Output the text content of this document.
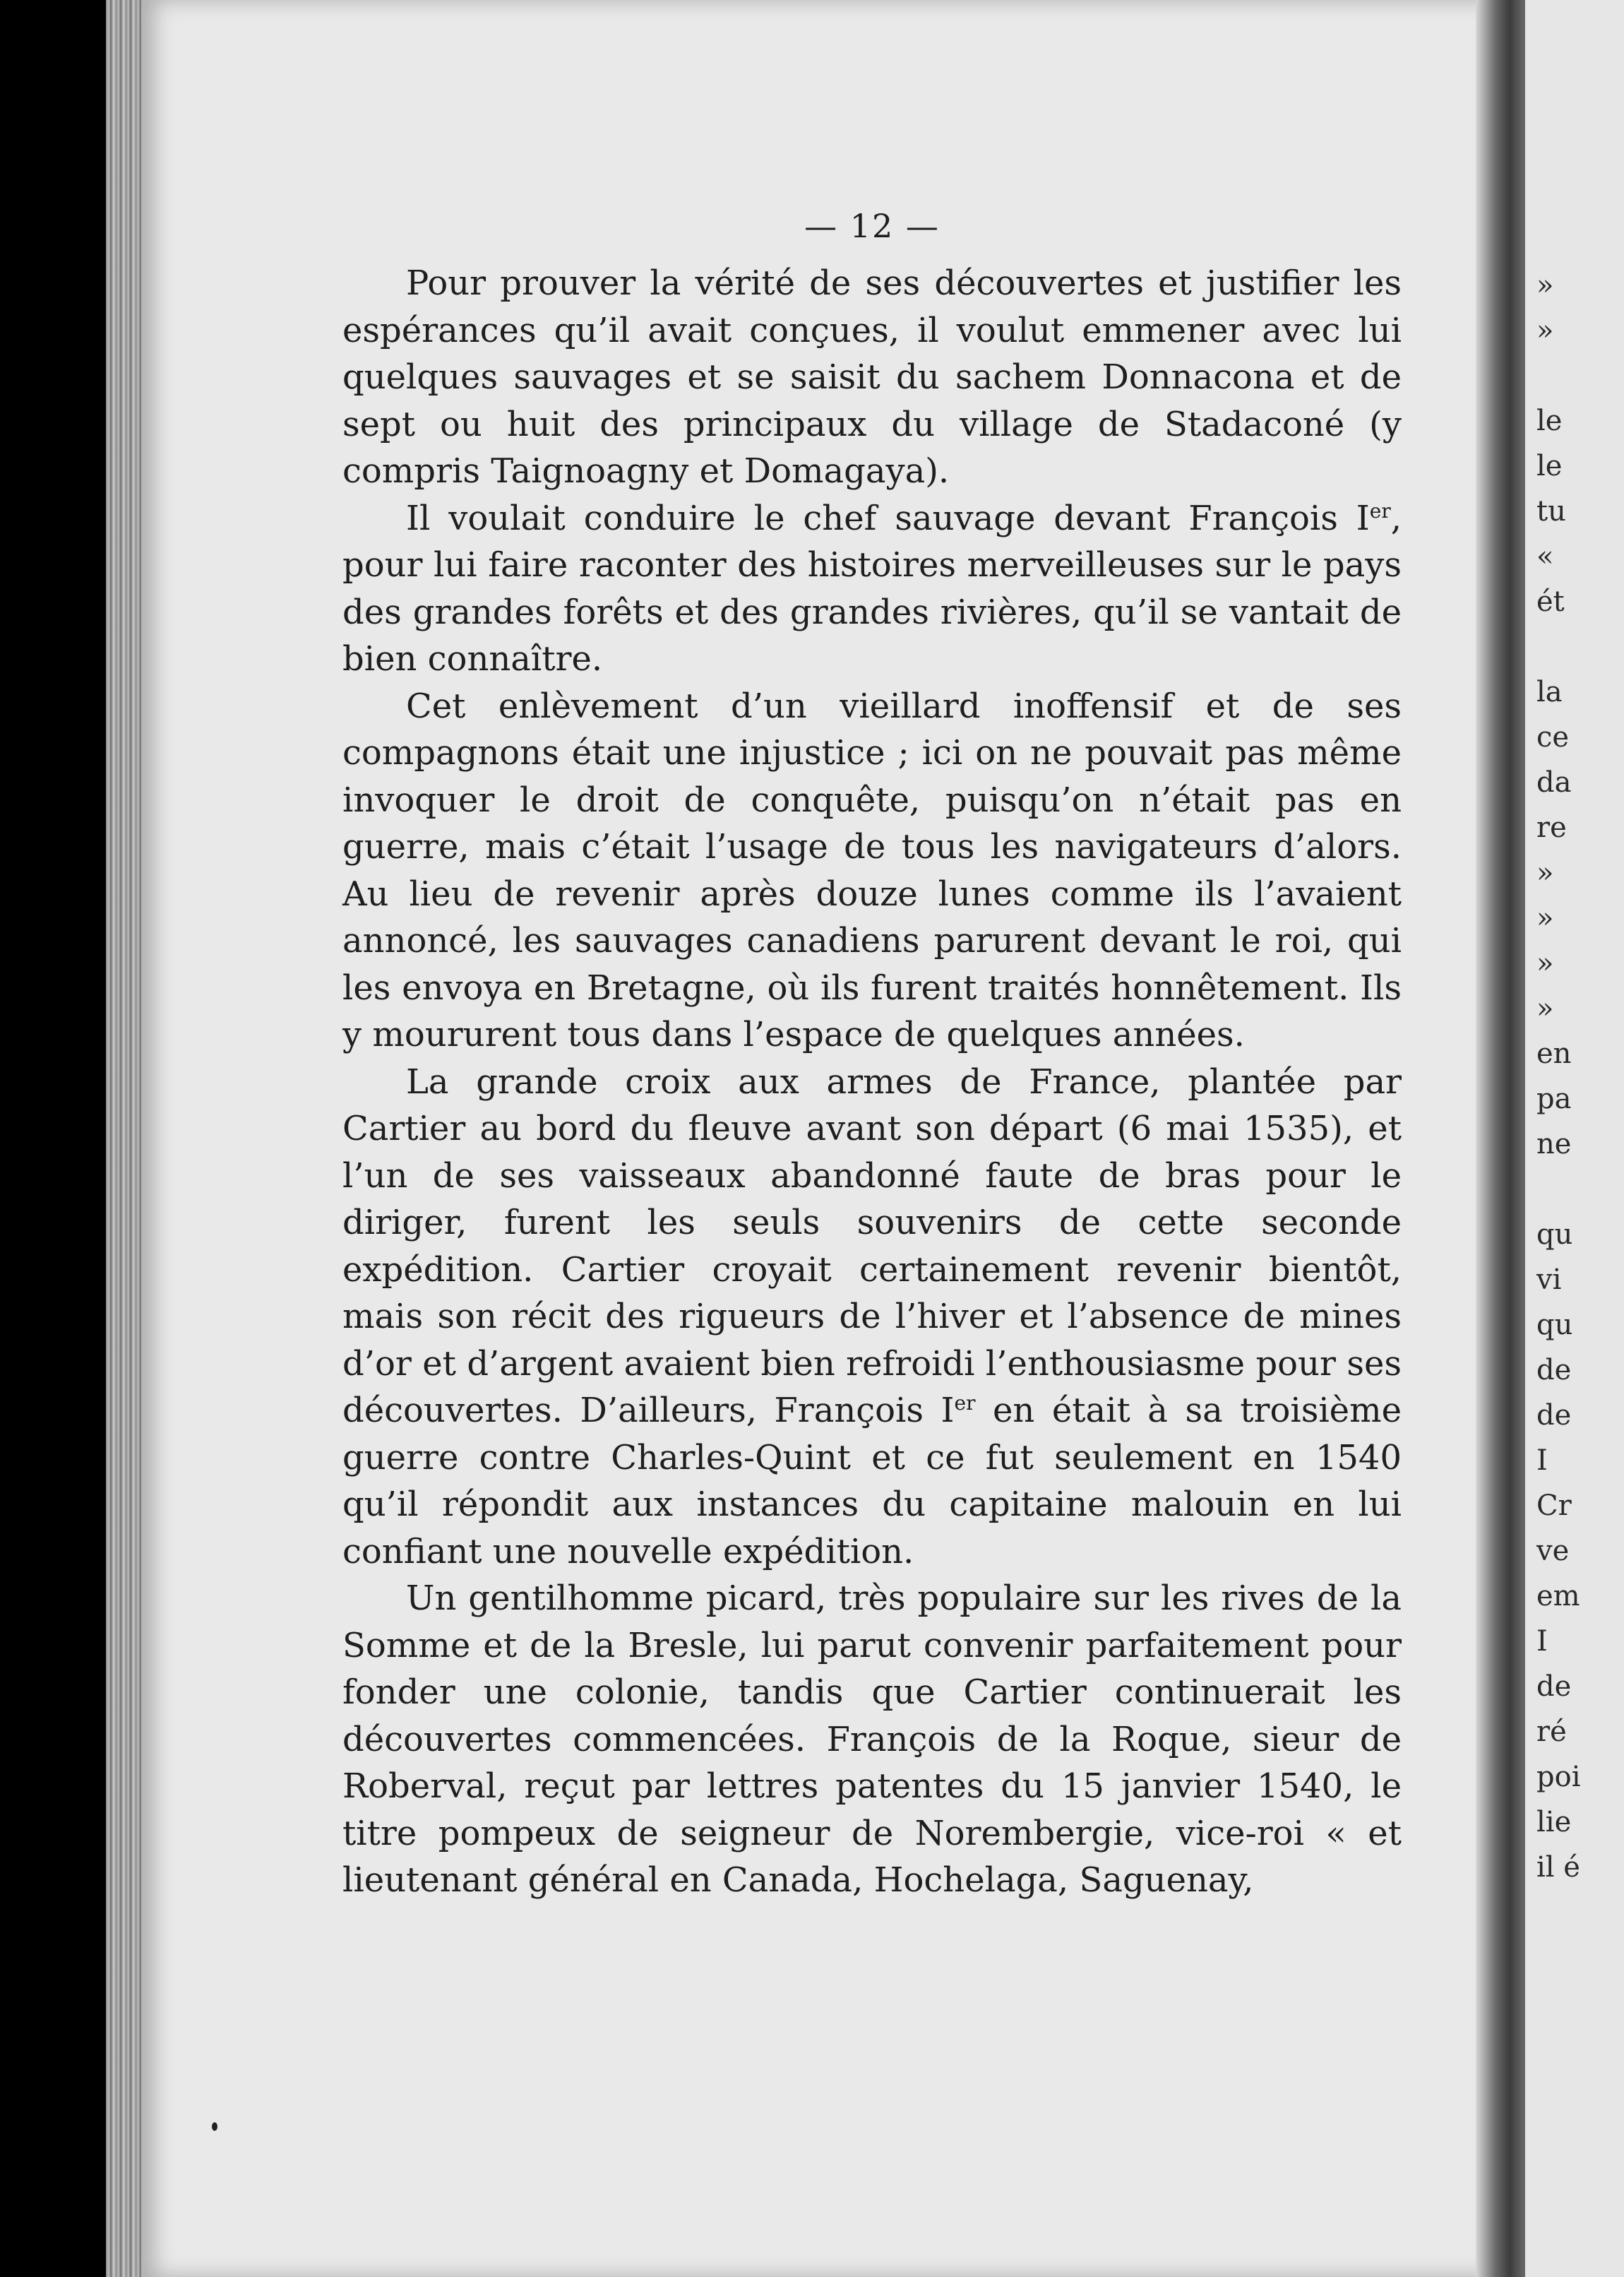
— 12 —

Pour prouver la vérité de ses découvertes et justifier les espérances qu’il avait conçues, il voulut emmener avec lui quelques sauvages et se saisit du sachem Donnacona et de sept ou huit des principaux du village de Stadaconé (y compris Taignoagny et Domagaya).

Il voulait conduire le chef sauvage devant François Ier, pour lui faire raconter des histoires merveilleuses sur le pays des grandes forêts et des grandes rivières, qu’il se vantait de bien connaître.

Cet enlèvement d’un vieillard inoffensif et de ses compagnons était une injustice ; ici on ne pouvait pas même invoquer le droit de conquête, puisqu’on n’était pas en guerre, mais c’était l’usage de tous les navigateurs d’alors. Au lieu de revenir après douze lunes comme ils l’avaient annoncé, les sauvages canadiens parurent devant le roi, qui les envoya en Bretagne, où ils furent traités honnêtement. Ils y moururent tous dans l’espace de quelques années.

La grande croix aux armes de France, plantée par Cartier au bord du fleuve avant son départ (6 mai 1535), et l’un de ses vaisseaux abandonné faute de bras pour le diriger, furent les seuls souvenirs de cette seconde expédition. Cartier croyait certainement revenir bientôt, mais son récit des rigueurs de l’hiver et l’absence de mines d’or et d’argent avaient bien refroidi l’enthousiasme pour ses découvertes. D’ailleurs, François Ier en était à sa troisième guerre contre Charles-Quint et ce fut seulement en 1540 qu’il répondit aux instances du capitaine malouin en lui confiant une nouvelle expédition.

Un gentilhomme picard, très populaire sur les rives de la Somme et de la Bresle, lui parut convenir parfaitement pour fonder une colonie, tandis que Cartier continuerait les découvertes commencées. François de la Roque, sieur de Roberval, reçut par lettres patentes du 15 janvier 1540, le titre pompeux de seigneur de Norembergie, vice-roi « et lieutenant général en Canada, Hochelaga, Saguenay,

»
»

le
le
tu
«
ét

la
ce
da
re
»
»
»
»
en
pa
ne

qu
vi
qu
de
de
I
Cr
ve
em
I
de
ré
poi
lie
il é
